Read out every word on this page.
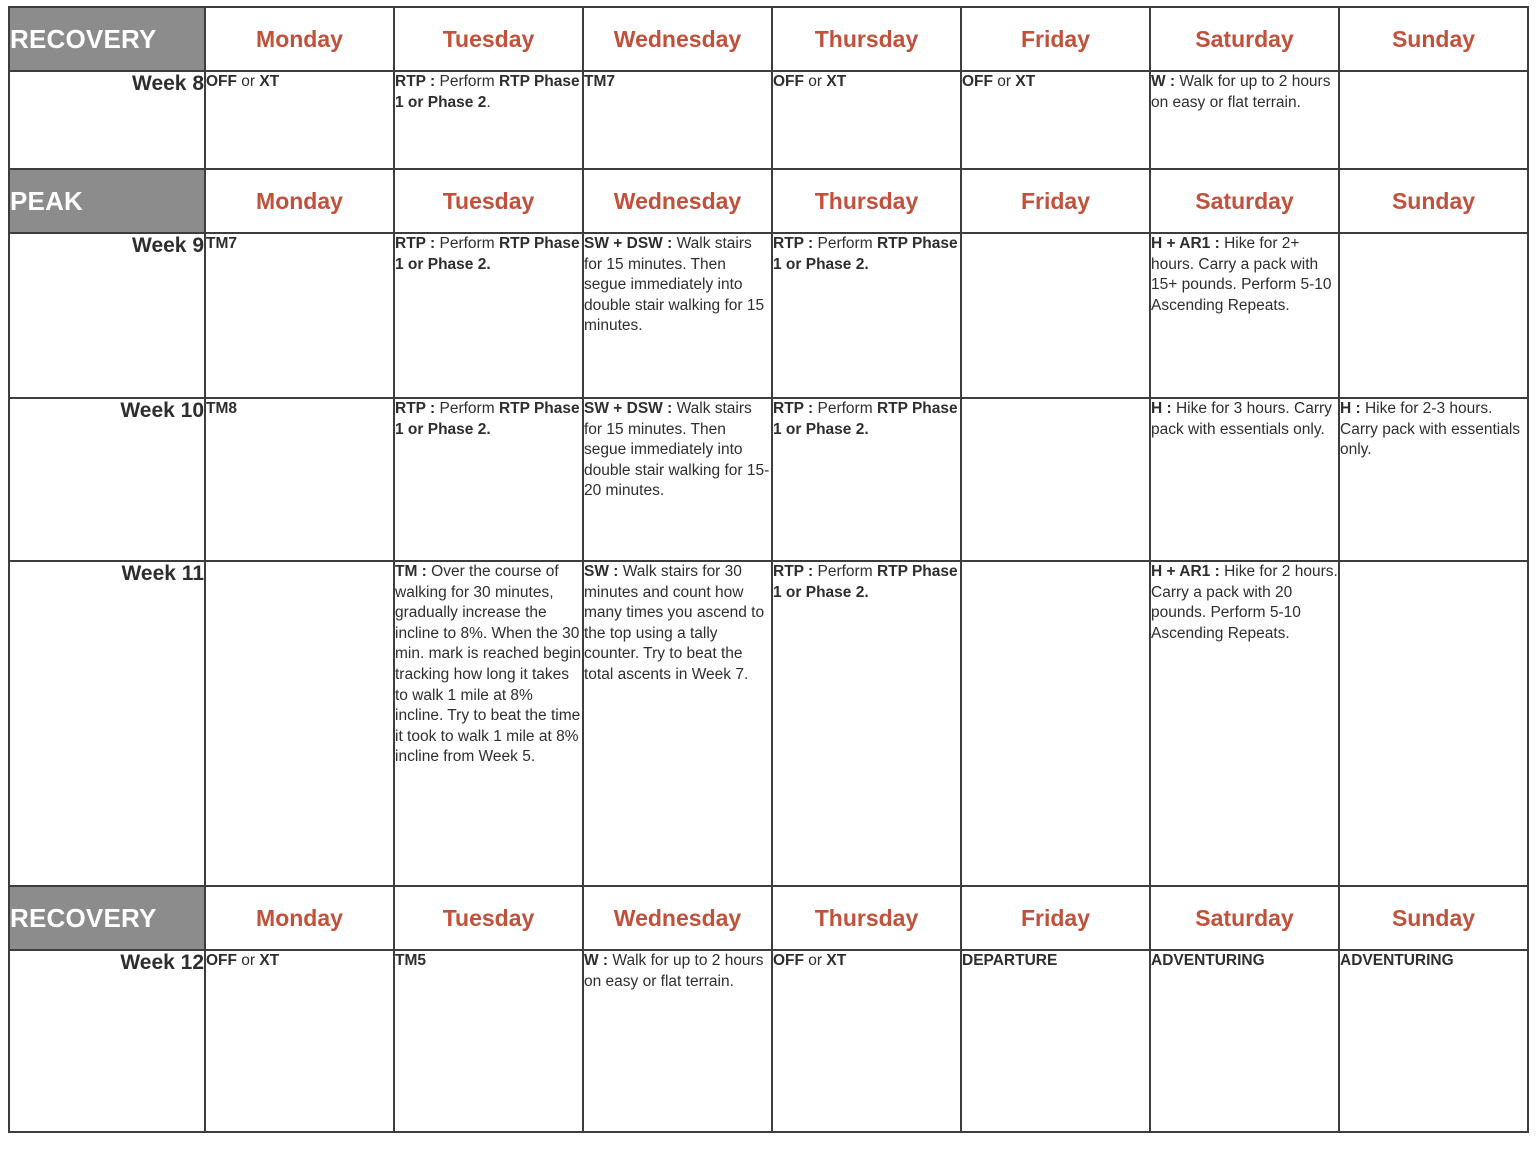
RECOVERY	Monday	Tuesday	Wednesday	Thursday	Friday	Saturday	Sunday

Week 8	OFF or XT	RTP : Perform RTP Phase 1 or Phase 2.	TM7	OFF or XT	OFF or XT	W : Walk for up to 2 hours on easy or flat terrain.	

PEAK	Monday	Tuesday	Wednesday	Thursday	Friday	Saturday	Sunday

Week 9	TM7	RTP : Perform RTP Phase 1 or Phase 2.	SW + DSW : Walk stairs for 15 minutes. Then segue immediately into double stair walking for 15 minutes.	RTP : Perform RTP Phase 1 or Phase 2.		H + AR1 : Hike for 2+ hours. Carry a pack with 15+ pounds. Perform 5-10 Ascending Repeats.	

Week 10	TM8	RTP : Perform RTP Phase 1 or Phase 2.	SW + DSW : Walk stairs for 15 minutes. Then segue immediately into double stair walking for 15-20 minutes.	RTP : Perform RTP Phase 1 or Phase 2.		H : Hike for 3 hours. Carry pack with essentials only.	H : Hike for 2-3 hours. Carry pack with essentials only.

Week 11		TM : Over the course of walking for 30 minutes, gradually increase the incline to 8%. When the 30 min. mark is reached begin tracking how long it takes to walk 1 mile at 8% incline. Try to beat the time it took to walk 1 mile at 8% incline from Week 5.	SW : Walk stairs for 30 minutes and count how many times you ascend to the top using a tally counter. Try to beat the total ascents in Week 7.	RTP : Perform RTP Phase 1 or Phase 2.		H + AR1 : Hike for 2 hours. Carry a pack with 20 pounds. Perform 5-10 Ascending Repeats.	

RECOVERY	Monday	Tuesday	Wednesday	Thursday	Friday	Saturday	Sunday

Week 12	OFF or XT	TM5	W : Walk for up to 2 hours on easy or flat terrain.	OFF or XT	DEPARTURE	ADVENTURING	ADVENTURING
